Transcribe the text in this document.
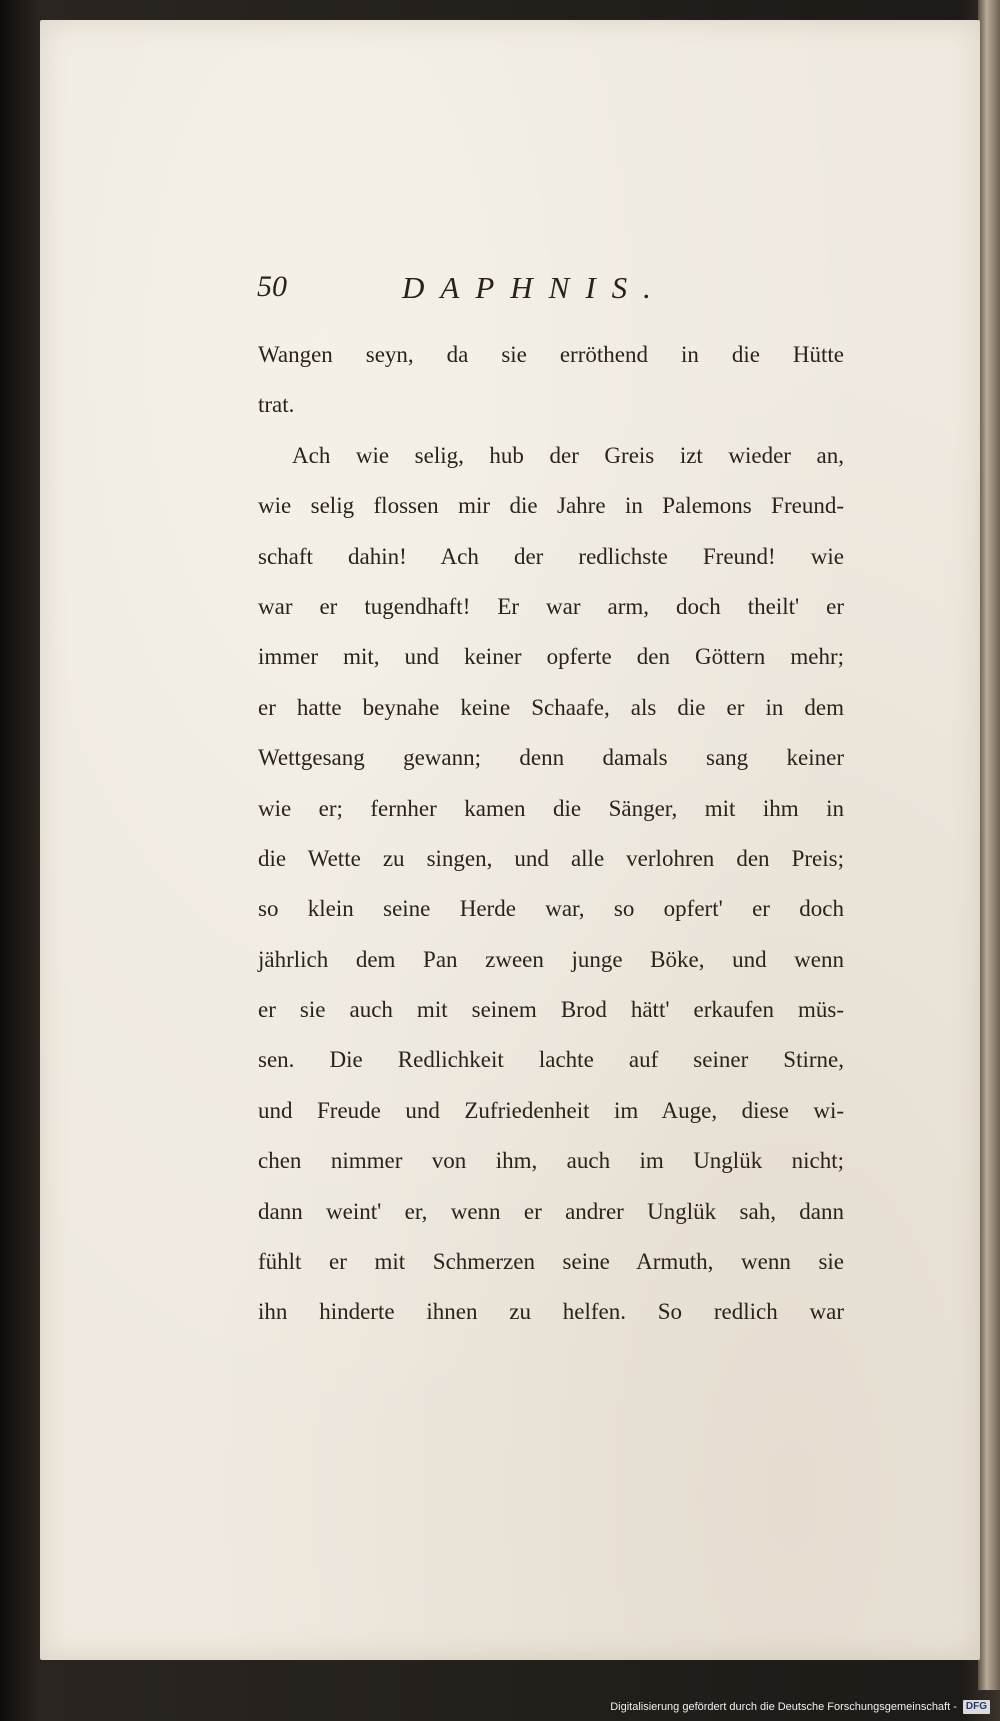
50	DAPHNIS.
Wangen seyn, da sie erröthend in die Hütte
trat.
Ach wie selig, hub der Greis izt wieder an,
wie selig flossen mir die Jahre in Palemons Freund-
schaft dahin! Ach der redlichste Freund! wie
war er tugendhaft! Er war arm, doch theilt' er
immer mit, und keiner opferte den Göttern mehr;
er hatte beynahe keine Schaafe, als die er in dem
Wettgesang gewann; denn damals sang keiner
wie er; fernher kamen die Sänger, mit ihm in
die Wette zu singen, und alle verlohren den Preis;
so klein seine Herde war, so opfert' er doch
jährlich dem Pan zween junge Böke, und wenn
er sie auch mit seinem Brod hätt' erkaufen müs-
sen. Die Redlichkeit lachte auf seiner Stirne,
und Freude und Zufriedenheit im Auge, diese wi-
chen nimmer von ihm, auch im Unglük nicht;
dann weint' er, wenn er andrer Unglük sah, dann
fühlt er mit Schmerzen seine Armuth, wenn sie
ihn hinderte ihnen zu helfen. So redlich war
Digitalisierung gefördert durch die Deutsche Forschungsgemeinschaft - DFG
